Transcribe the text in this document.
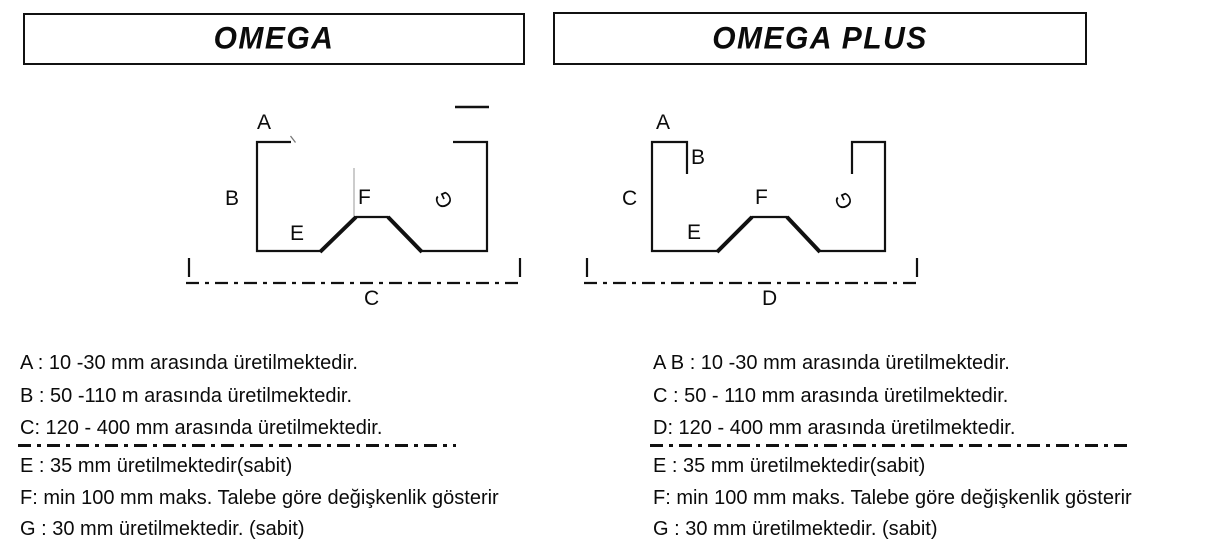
OMEGA	OMEGA PLUS
A
B
E
F	G
C
A
B
C
E
F	G
D
A : 10 -30 mm arasında üretilmektedir.
B : 50 -110 m arasında üretilmektedir.
C: 120 - 400 mm arasında üretilmektedir.
E : 35 mm üretilmektedir(sabit)
F: min 100 mm maks. Talebe göre değişkenlik gösterir
G : 30 mm üretilmektedir. (sabit)
A B : 10 -30 mm arasında üretilmektedir.
C : 50 - 110 mm arasında üretilmektedir.
D: 120 - 400 mm arasında üretilmektedir.
E : 35 mm üretilmektedir(sabit)
F: min 100 mm maks. Talebe göre değişkenlik gösterir
G : 30 mm üretilmektedir. (sabit)
